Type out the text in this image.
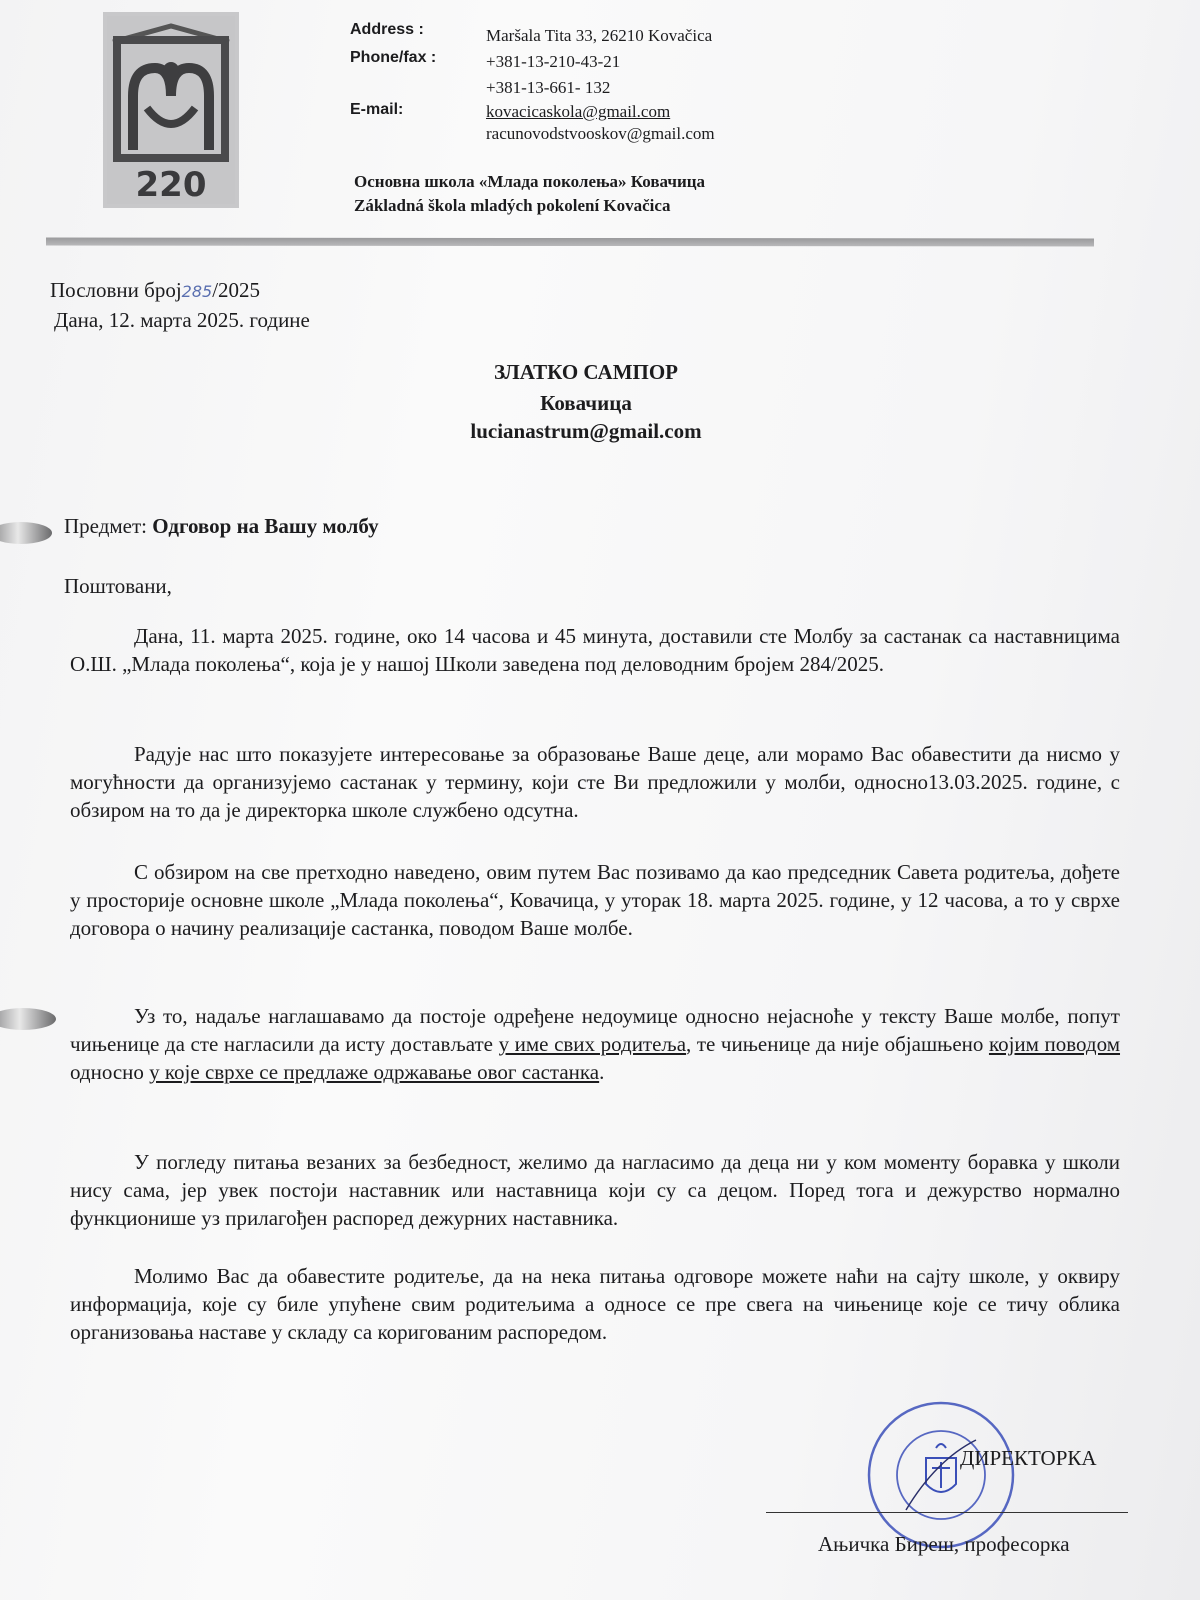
220
Address :	Maršala Tita 33, 26210 Kovačica
Phone/fax :	+381-13-210-43-21
+381-13-661- 132
E-mail:	kovacicaskola@gmail.com
racunovodstvooskov@gmail.com
Основна школа «Млада поколења» Ковачица
Základná škola mladých pokolení Kovačica
Пословни број285/2025
Дана, 12. марта 2025. године
ЗЛАТКО САМПОР
Ковачица
lucianastrum@gmail.com
Предмет: Одговор на Вашу молбу
Поштовани,
Дана, 11. марта 2025. године, око 14 часова и 45 минута, доставили сте Молбу за састанак са наставницима О.Ш. „Млада поколења“, која је у нашој Школи заведена под деловодним бројем 284/2025.
Радује нас што показујете интересовање за образовање Ваше деце, али морамо Вас обавестити да нисмо у могућности да организујемо састанак у термину, који сте Ви предложили у молби, односно13.03.2025. године, с обзиром на то да је директорка школе службено одсутна.
С обзиром на све претходно наведено, овим путем Вас позивамо да као председник Савета родитеља, дођете у просторије основне школе „Млада поколења“, Ковачица, у уторак 18. марта 2025. године, у 12 часова, а то у сврхе договора о начину реализације састанка, поводом Ваше молбе.
Уз то, надаље наглашавамо да постоје одређене недоумице односно нејасноће у тексту Ваше молбе, попут чињенице да сте нагласили да исту достављате у име свих родитеља, те чињенице да није објашњено којим поводом односно у које сврхе се предлаже одржавање овог састанка.
У погледу питања везаних за безбедност, желимо да нагласимо да деца ни у ком моменту боравка у школи нису сама, јер увек постоји наставник или наставница који су са децом. Поред тога и дежурство нормално функционише уз прилагођен распоред дежурних наставника.
Молимо Вас да обавестите родитеље, да на нека питања одговоре можете наћи на сајту школе, у оквиру информација, које су биле упућене свим родитељима а односе се пре свега на чињенице које се тичу облика организовања наставе у складу са коригованим распоредом.
ДИРЕКТОРКА
Ањичка Биреш, професорка
